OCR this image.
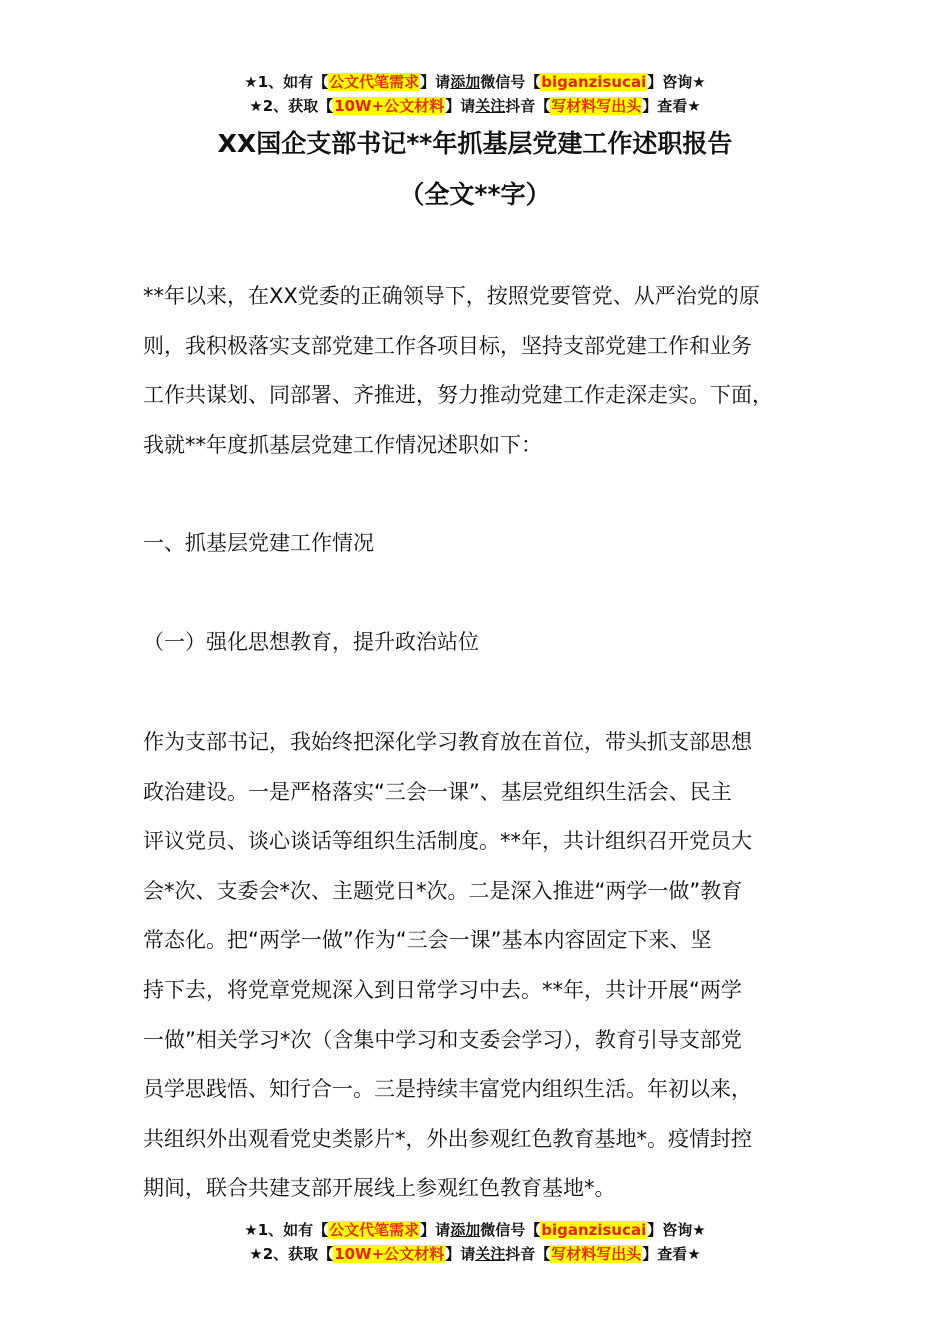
★1、如有【公文代笔需求】请添加微信号【biganzisucai】咨询★
★2、获取【10W+公文材料】请关注抖音【写材料写出头】查看★
XX国企支部书记**年抓基层党建工作述职报告
（全文**字）
**年以来，在XX党委的正确领导下，按照党要管党、从严治党的原
则，我积极落实支部党建工作各项目标，坚持支部党建工作和业务
工作共谋划、同部署、齐推进，努力推动党建工作走深走实。下面，
我就**年度抓基层党建工作情况述职如下：
一、抓基层党建工作情况
（一）强化思想教育，提升政治站位
作为支部书记，我始终把深化学习教育放在首位，带头抓支部思想
政治建设。一是严格落实“三会一课”、基层党组织生活会、民主
评议党员、谈心谈话等组织生活制度。**年，共计组织召开党员大
会*次、支委会*次、主题党日*次。二是深入推进“两学一做”教育
常态化。把“两学一做”作为“三会一课”基本内容固定下来、坚
持下去，将党章党规深入到日常学习中去。**年，共计开展“两学
一做”相关学习*次（含集中学习和支委会学习），教育引导支部党
员学思践悟、知行合一。三是持续丰富党内组织生活。年初以来，
共组织外出观看党史类影片*，外出参观红色教育基地*。疫情封控
期间，联合共建支部开展线上参观红色教育基地*。
★1、如有【公文代笔需求】请添加微信号【biganzisucai】咨询★
★2、获取【10W+公文材料】请关注抖音【写材料写出头】查看★
